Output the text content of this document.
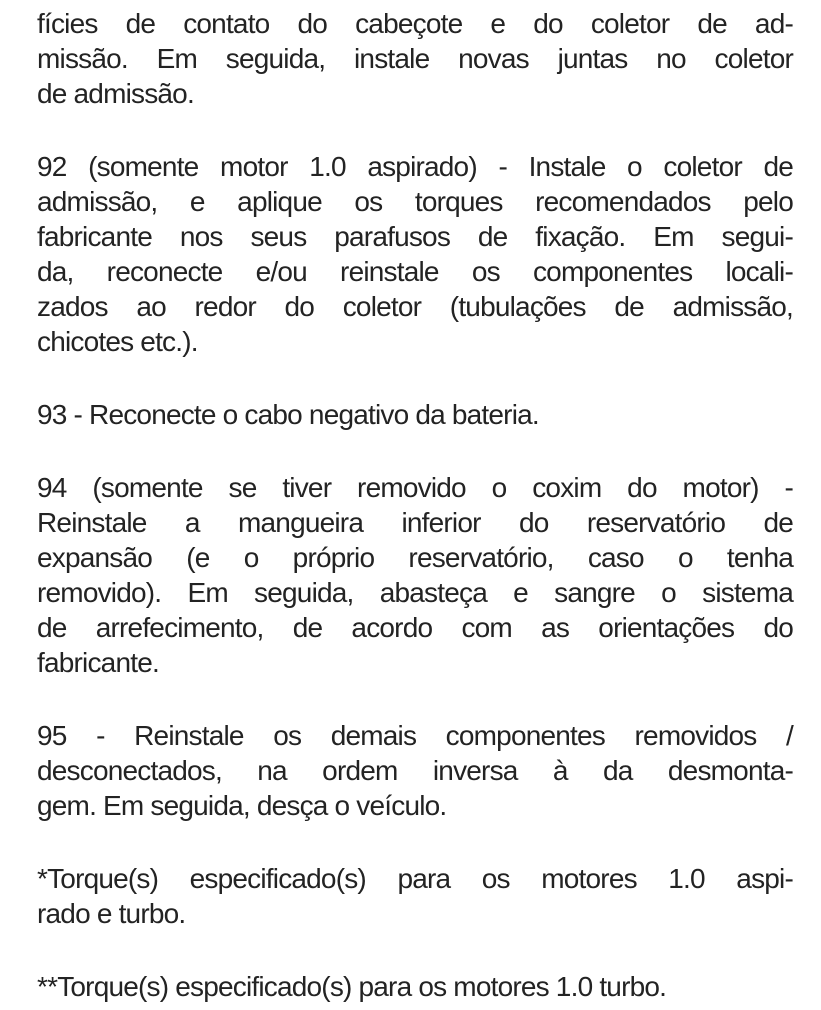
fícies de contato do cabeçote e do coletor de ad-
missão. Em seguida, instale novas juntas no coletor
de admissão.
92 (somente motor 1.0 aspirado) - Instale o coletor de
admissão, e aplique os torques recomendados pelo
fabricante nos seus parafusos de fixação. Em segui-
da, reconecte e/ou reinstale os componentes locali-
zados ao redor do coletor (tubulações de admissão,
chicotes etc.).
93 - Reconecte o cabo negativo da bateria.
94 (somente se tiver removido o coxim do motor) -
Reinstale a mangueira inferior do reservatório de
expansão (e o próprio reservatório, caso o tenha
removido). Em seguida, abasteça e sangre o sistema
de arrefecimento, de acordo com as orientações do
fabricante.
95 - Reinstale os demais componentes removidos /
desconectados, na ordem inversa à da desmonta-
gem. Em seguida, desça o veículo.
*Torque(s) especificado(s) para os motores 1.0 aspi-
rado e turbo.
**Torque(s) especificado(s) para os motores 1.0 turbo.
